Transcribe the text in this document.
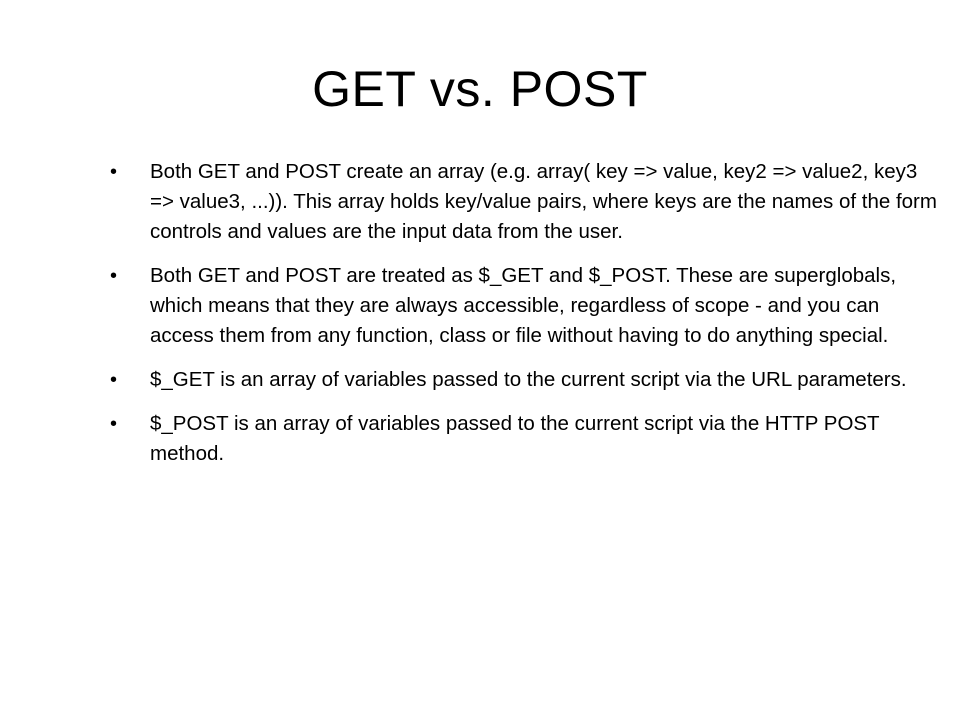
GET vs. POST
•	Both GET and POST create an array (e.g. array( key => value, key2 => value2, key3 => value3, ...)). This array holds key/value pairs, where keys are the names of the form controls and values are the input data from the user.
•	Both GET and POST are treated as $_GET and $_POST. These are superglobals, which means that they are always accessible, regardless of scope - and you can access them from any function, class or file without having to do anything special.
•	$_GET is an array of variables passed to the current script via the URL parameters.
•	$_POST is an array of variables passed to the current script via the HTTP POST method.
